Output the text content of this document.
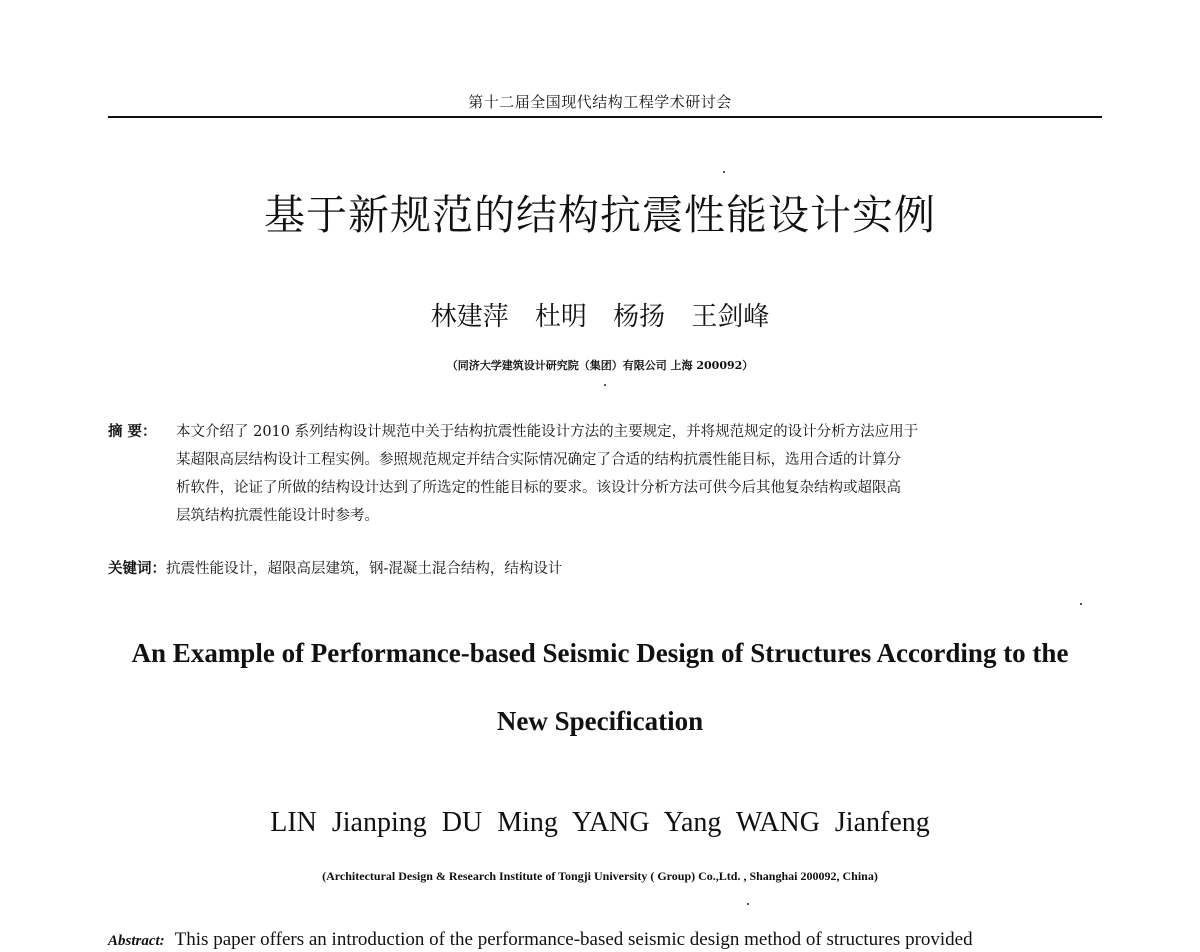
第十二届全国现代结构工程学术研讨会
基于新规范的结构抗震性能设计实例
林建萍 杜明 杨扬 王剑峰
（同济大学建筑设计研究院（集团）有限公司 上海 200092）
摘 要：	本文介绍了 2010 系列结构设计规范中关于结构抗震性能设计方法的主要规定，并将规范规定的设计分析方法应用于
某超限高层结构设计工程实例。参照规范规定并结合实际情况确定了合适的结构抗震性能目标，选用合适的计算分
析软件，论证了所做的结构设计达到了所选定的性能目标的要求。该设计分析方法可供今后其他复杂结构或超限高
层筑结构抗震性能设计时参考。
关键词：抗震性能设计，超限高层建筑，钢-混凝土混合结构，结构设计
An Example of Performance-based Seismic Design of Structures According to the
New Specification
LIN Jianping DU Ming YANG Yang WANG Jianfeng
(Architectural Design & Research Institute of Tongji University ( Group) Co.,Ltd. , Shanghai 200092, China)
Abstract: This paper offers an introduction of the performance-based seismic design method of structures provided
